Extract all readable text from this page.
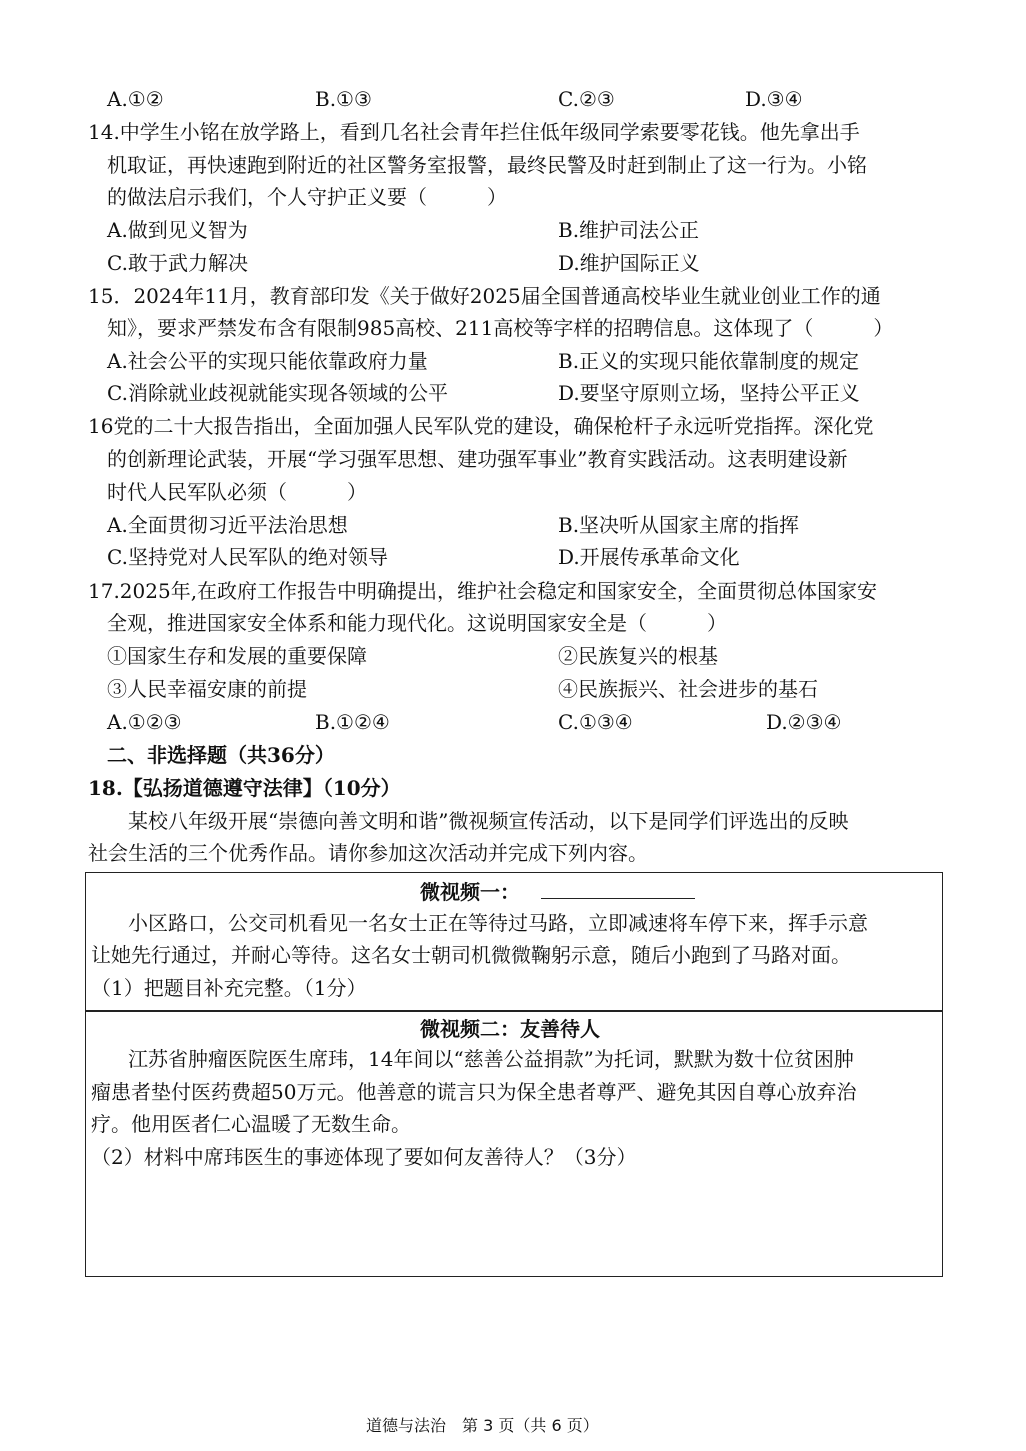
A.①②	B.①③	C.②③	D.③④
14.中学生小铭在放学路上，看到几名社会青年拦住低年级同学索要零花钱。他先拿出手
机取证，再快速跑到附近的社区警务室报警，最终民警及时赶到制止了这一行为。小铭
的做法启示我们，个人守护正义要（　　　）
A.做到见义智为	B.维护司法公正
C.敢于武力解决	D.维护国际正义
15．2024年11月，教育部印发《关于做好2025届全国普通高校毕业生就业创业工作的通
知》，要求严禁发布含有限制985高校、211高校等字样的招聘信息。这体现了（　　　）
A.社会公平的实现只能依靠政府力量	B.正义的实现只能依靠制度的规定
C.消除就业歧视就能实现各领域的公平	D.要坚守原则立场，坚持公平正义
16党的二十大报告指出，全面加强人民军队党的建设，确保枪杆子永远听党指挥。深化党
的创新理论武装，开展“学习强军思想、建功强军事业”教育实践活动。这表明建设新
时代人民军队必须（　　　）
A.全面贯彻习近平法治思想	B.坚决听从国家主席的指挥
C.坚持党对人民军队的绝对领导	D.开展传承革命文化
17.2025年,在政府工作报告中明确提出，维护社会稳定和国家安全，全面贯彻总体国家安
全观，推进国家安全体系和能力现代化。这说明国家安全是（　　　）
①国家生存和发展的重要保障	②民族复兴的根基
③人民幸福安康的前提	④民族振兴、社会进步的基石
A.①②③	B.①②④	C.①③④	D.②③④
二、非选择题（共36分）
18.【弘扬道德遵守法律】（10分）
某校八年级开展“崇德向善文明和谐”微视频宣传活动，以下是同学们评选出的反映
社会生活的三个优秀作品。请你参加这次活动并完成下列内容。
微视频一：
小区路口，公交司机看见一名女士正在等待过马路，立即减速将车停下来，挥手示意
让她先行通过，并耐心等待。这名女士朝司机微微鞠躬示意，随后小跑到了马路对面。
（1）把题目补充完整。（1分）
微视频二：友善待人
江苏省肿瘤医院医生席玮，14年间以“慈善公益捐款”为托词，默默为数十位贫困肿
瘤患者垫付医药费超50万元。他善意的谎言只为保全患者尊严、避免其因自尊心放弃治
疗。他用医者仁心温暖了无数生命。
（2）材料中席玮医生的事迹体现了要如何友善待人？（3分）
道德与法治　第 3 页（共 6 页）
